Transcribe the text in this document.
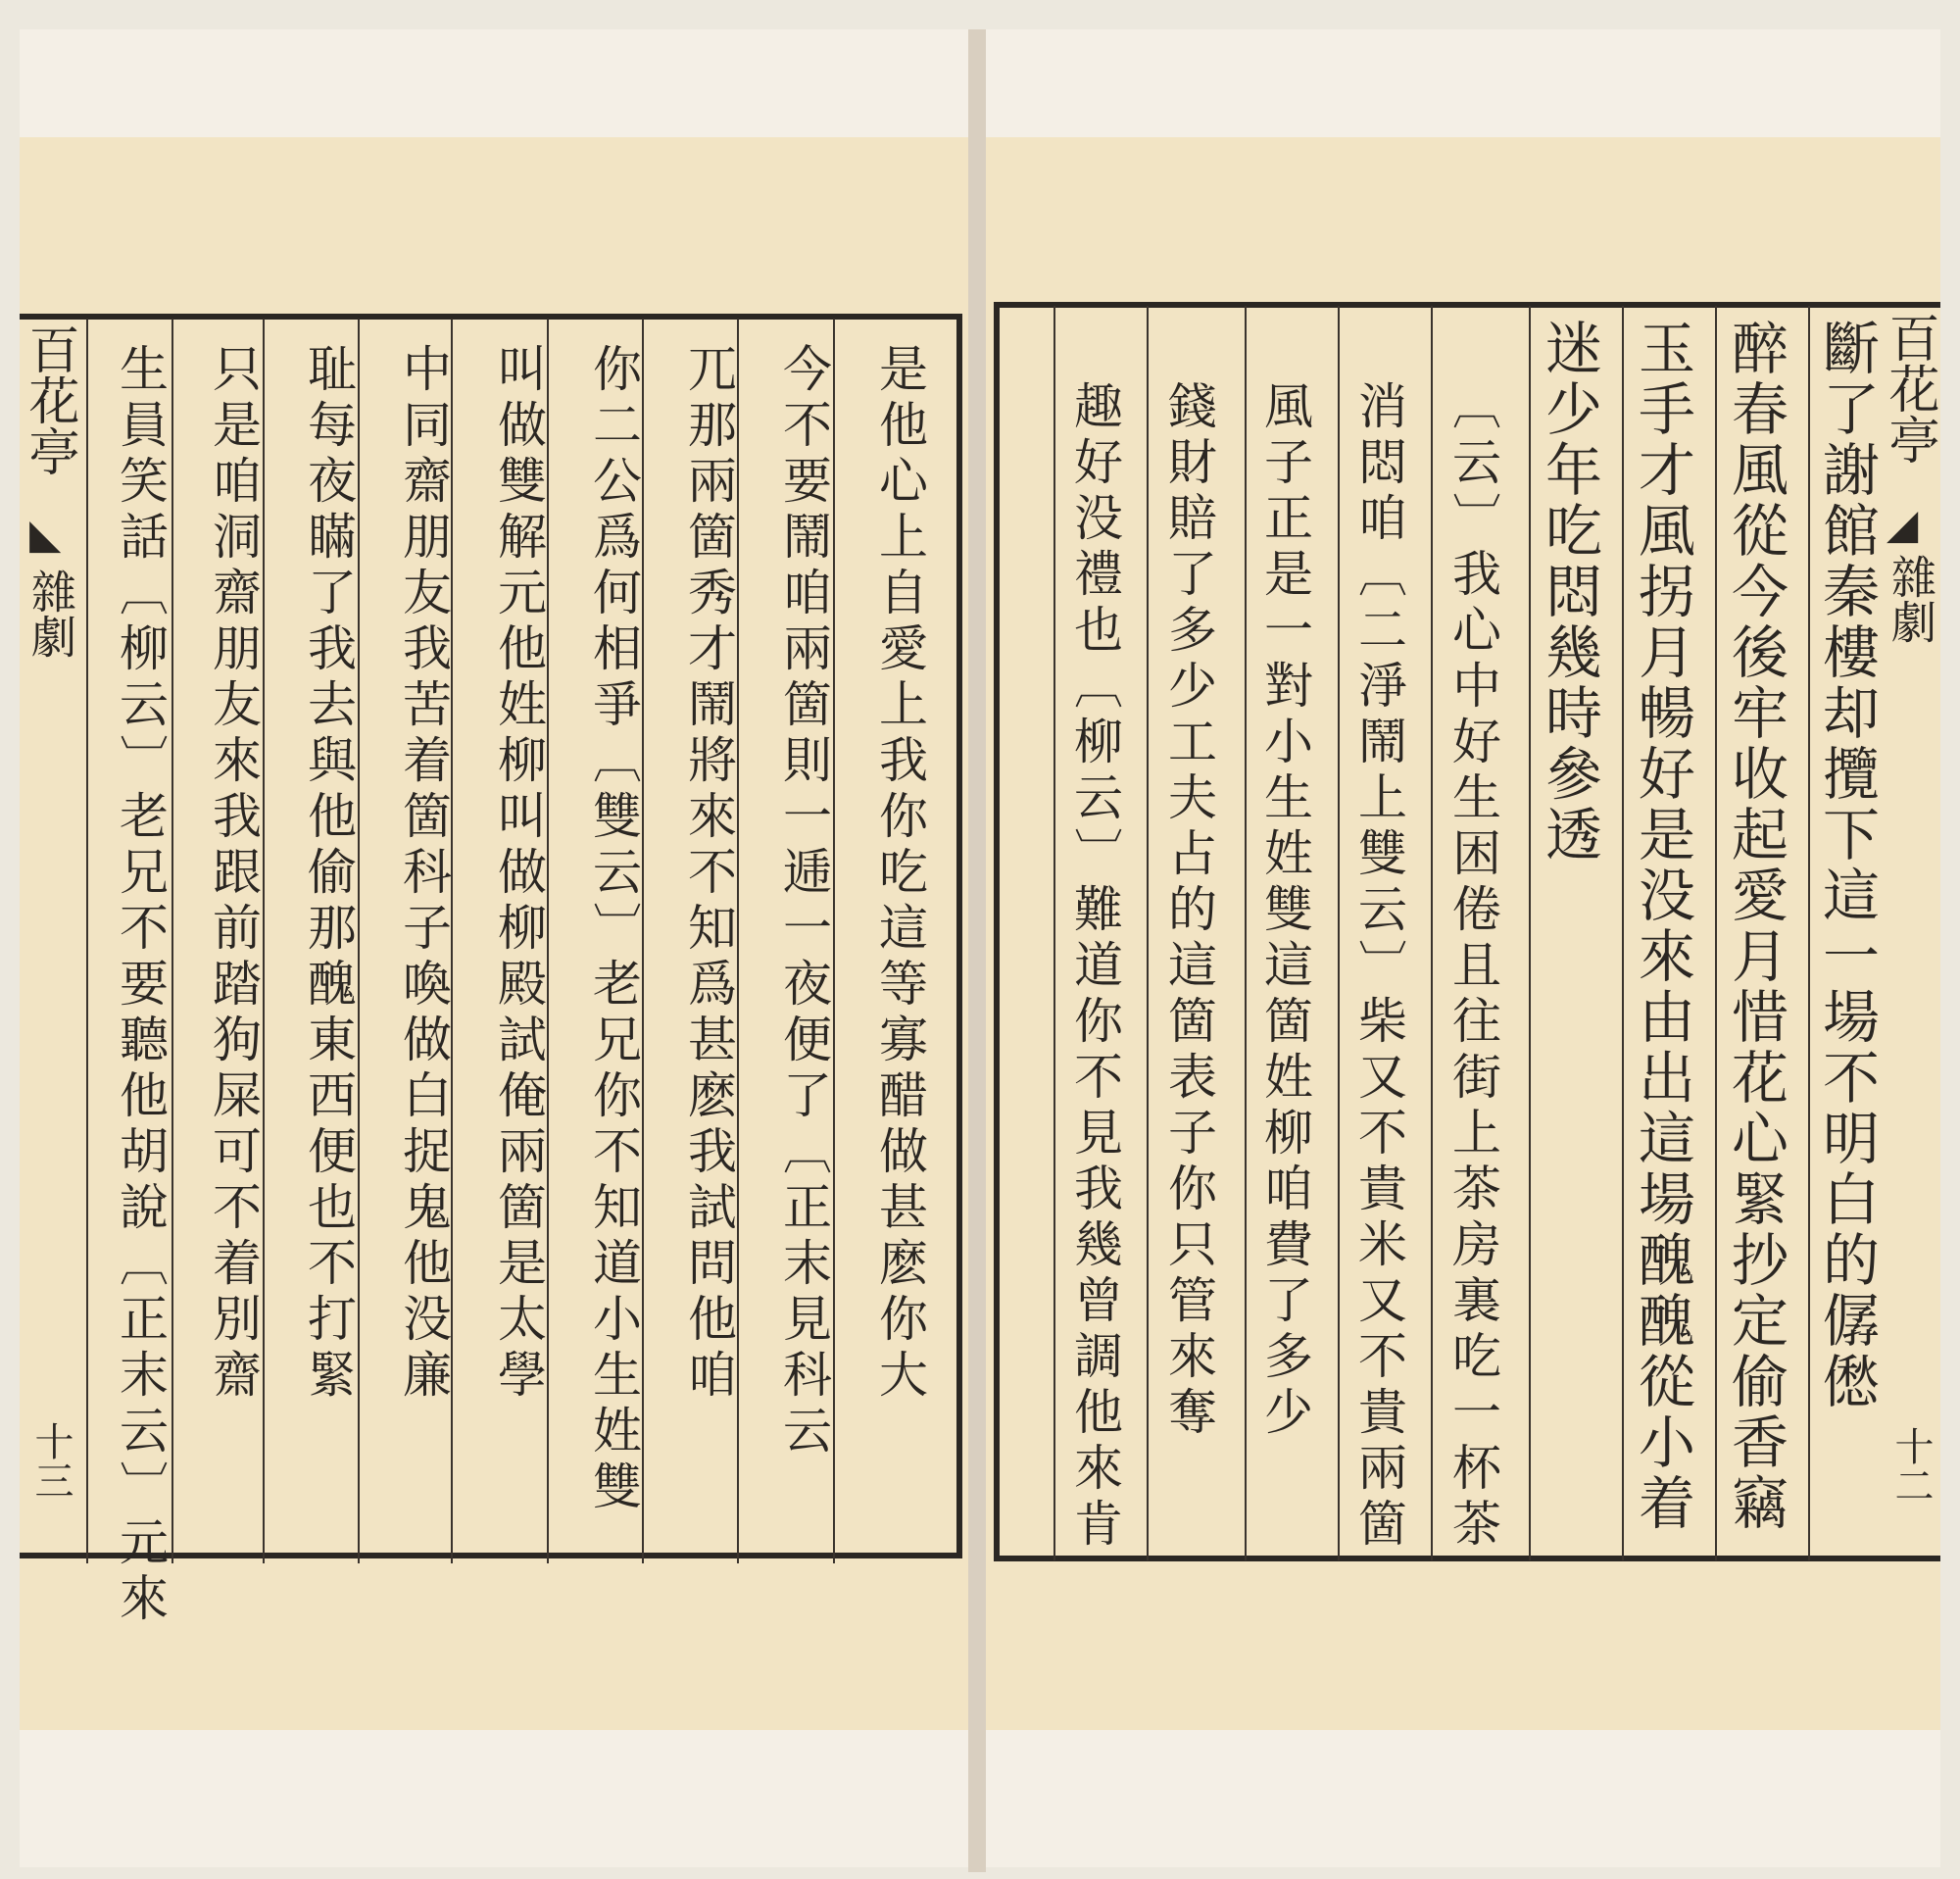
百花亭
◣
雜劇
十三
是他心上自愛上我你吃這等寡醋做甚麽你大
今不要鬧咱兩箇則一逓一夜便了〔正末見科云
兀那兩箇秀才鬧將來不知爲甚麽我試問他咱
你二公爲何相爭〔雙云〕老兄你不知道小生姓雙
叫做雙解元他姓柳叫做柳殿試俺兩箇是太學
中同齋朋友我苦着箇科子喚做白捉鬼他没廉
耻每夜瞞了我去與他偷那醜東西便也不打緊
只是咱洞齋朋友來我跟前踏狗屎可不着別齋
生員笑話〔柳云〕老兄不要聽他胡說〔正末云〕元來	百花亭
◢
雜劇
十二
斷了謝館秦樓却攬下這一場不明白的僝僽
醉春風從今後牢收起愛月惜花心緊抄定偷香竊
玉手才風拐月暢好是没來由出這場醜醜從小着
迷少年吃悶幾時參透
〔云〕我心中好生困倦且往街上茶房裏吃一杯茶
消悶咱〔二淨鬧上雙云〕柴又不貴米又不貴兩箇
風子正是一對小生姓雙這箇姓柳咱費了多少
錢財賠了多少工夫占的這箇表子你只管來奪
趣好没禮也〔柳云〕難道你不見我幾曾調他來肯
